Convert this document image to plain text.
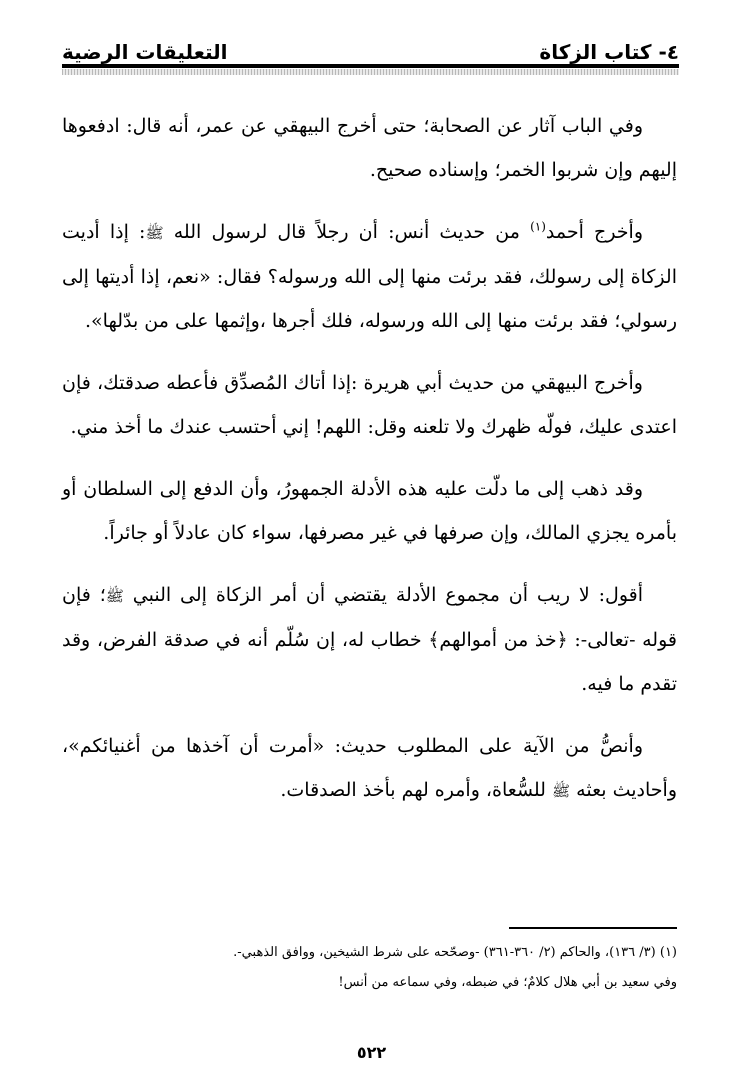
٤- كتاب الزكاة
التعليقات الرضية

وفي الباب آثار عن الصحابة؛ حتى أخرج البيهقي عن عمر، أنه قال: ادفعوها إليهم وإن شربوا الخمر؛ وإسناده صحيح.

وأخرج أحمد$^{(١)}$ من حديث أنس: أن رجلاً قال لرسول الله ﷺ: إذا أديت الزكاة إلى رسولك، فقد برئت منها إلى الله ورسوله؟ فقال: «نعم، إذا أديتها إلى رسولي؛ فقد برئت منها إلى الله ورسوله، فلك أجرها ،وإثمها على من بدّلها».

وأخرج البيهقي من حديث أبي هريرة :إذا أتاك المُصدِّق فأعطه صدقتك، فإن اعتدى عليك، فولّه ظهرك ولا تلعنه وقل: اللهم! إني أحتسب عندك ما أخذ مني.

وقد ذهب إلى ما دلّت عليه هذه الأدلة الجمهورُ، وأن الدفع إلى السلطان أو بأمره يجزي المالك، وإن صرفها في غير مصرفها، سواء كان عادلاً أو جائراً.

أقول: لا ريب أن مجموع الأدلة يقتضي أن أمر الزكاة إلى النبي ﷺ؛ فإن قوله -تعالى-: ﴿خذ من أموالهم﴾ خطاب له، إن سُلّم أنه في صدقة الفرض، وقد تقدم ما فيه.

وأنصُّ من الآية على المطلوب حديث: «أمرت أن آخذها من أغنيائكم»، وأحاديث بعثه ﷺ للسُّعاة، وأمره لهم بأخذ الصدقات.

(١) (٣/ ١٣٦)، والحاكم (٢/ ٣٦٠-٣٦١) -وصحّحه على شرط الشيخين، ووافق الذهبي-.

وفي سعيد بن أبي هلال كلامٌ؛ في ضبطه، وفي سماعه من أنس!

٥٢٢
